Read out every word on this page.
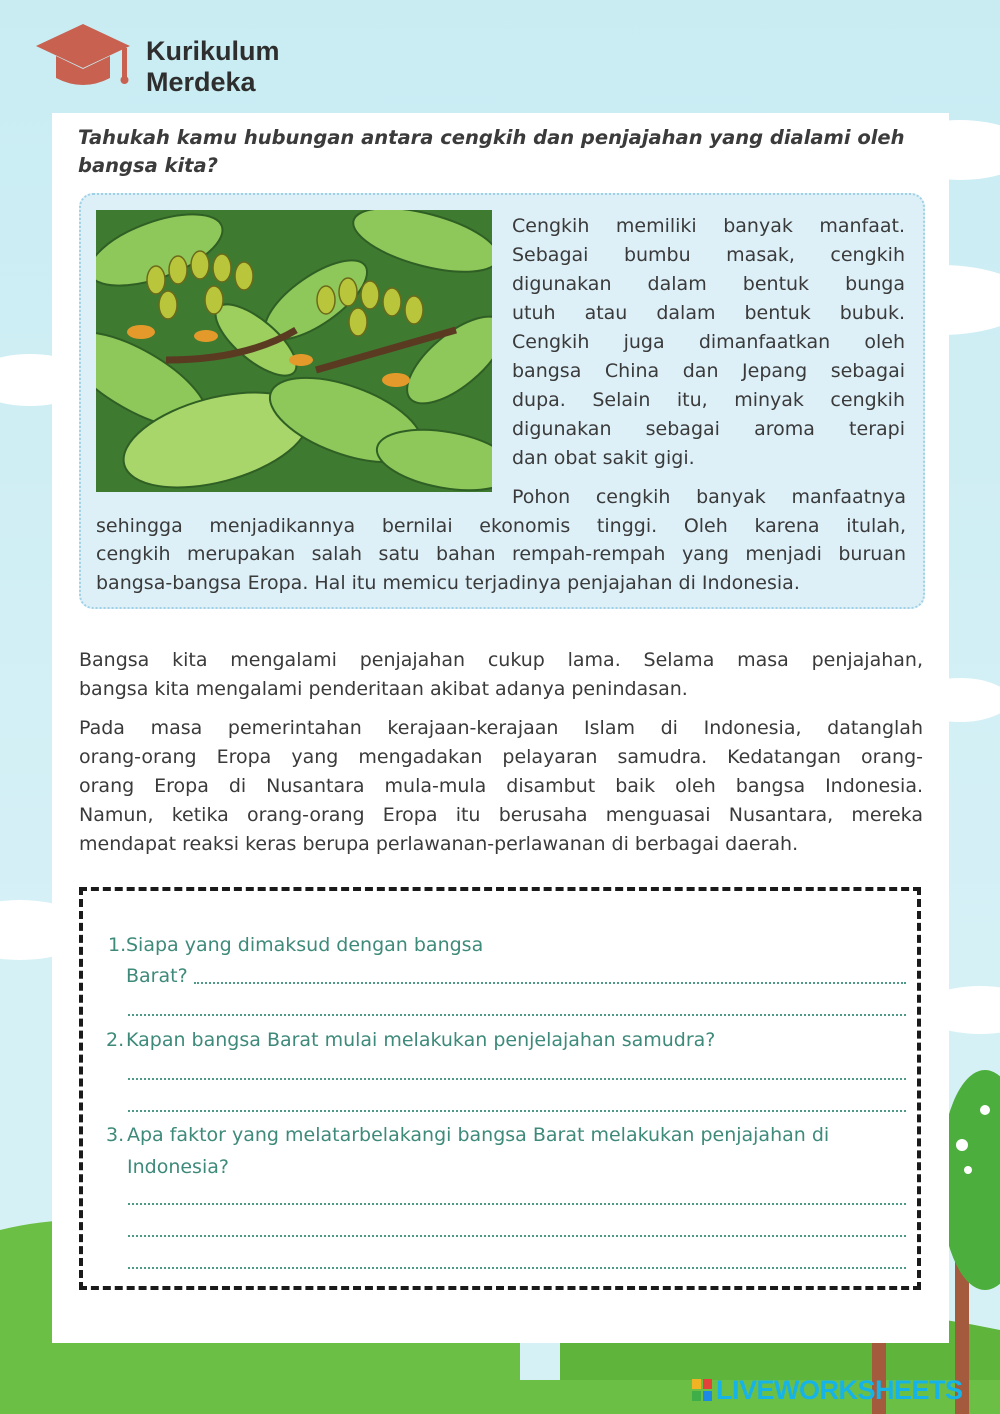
Kurikulum
Merdeka
Tahukah kamu hubungan antara cengkih dan penjajahan yang dialami oleh bangsa kita?
Cengkih memiliki banyak manfaat.
Sebagai bumbu masak, cengkih
digunakan dalam bentuk bunga
utuh atau dalam bentuk bubuk.
Cengkih juga dimanfaatkan oleh
bangsa China dan Jepang sebagai
dupa. Selain itu, minyak cengkih
digunakan sebagai aroma terapi
dan obat sakit gigi.
Pohon cengkih banyak manfaatnya
sehingga menjadikannya bernilai ekonomis tinggi. Oleh karena itulah,
cengkih merupakan salah satu bahan rempah-rempah yang menjadi buruan
bangsa-bangsa Eropa. Hal itu memicu terjadinya penjajahan di Indonesia.
Bangsa kita mengalami penjajahan cukup lama. Selama masa penjajahan,
bangsa kita mengalami penderitaan akibat adanya penindasan.
Pada masa pemerintahan kerajaan-kerajaan Islam di Indonesia, datanglah
orang-orang Eropa yang mengadakan pelayaran samudra. Kedatangan orang-
orang Eropa di Nusantara mula-mula disambut baik oleh bangsa Indonesia.
Namun, ketika orang-orang Eropa itu berusaha menguasai Nusantara, mereka
mendapat reaksi keras berupa perlawanan-perlawanan di berbagai daerah.
1. Siapa yang dimaksud dengan bangsa
Barat?
2. Kapan bangsa Barat mulai melakukan penjelajahan samudra?
3. Apa faktor yang melatarbelakangi bangsa Barat melakukan penjajahan di
Indonesia?
LIVEWORKSHEETS
